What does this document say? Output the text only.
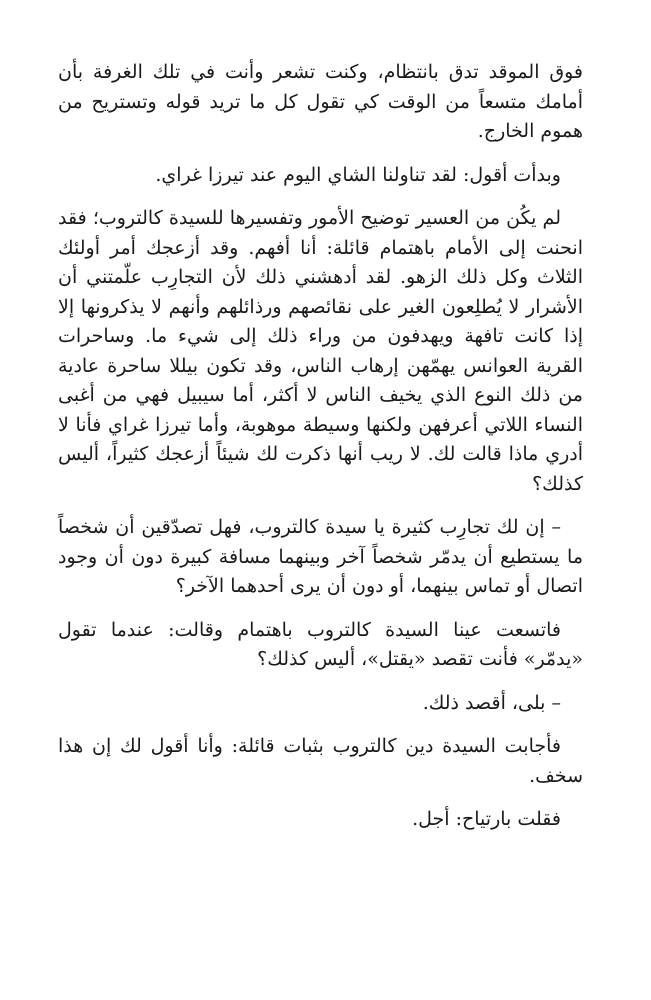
فوق الموقد تدق بانتظام، وكنت تشعر وأنت في تلك الغرفة بأن أمامك متسعاً من الوقت كي تقول كل ما تريد قوله وتستريح من هموم الخارج.

وبدأت أقول: لقد تناولنا الشاي اليوم عند تيرزا غراي.

لم يكُن من العسير توضيح الأمور وتفسيرها للسيدة كالتروب؛ فقد انحنت إلى الأمام باهتمام قائلة: أنا أفهم. وقد أزعجك أمر أولئك الثلاث وكل ذلك الزهو. لقد أدهشني ذلك لأن التجارِب علّمتني أن الأشرار لا يُطلِعون الغير على نقائصهم ورذائلهم وأنهم لا يذكرونها إلا إذا كانت تافهة ويهدفون من وراء ذلك إلى شيء ما. وساحرات القرية العوانس يهمّهن إرهاب الناس، وقد تكون بيللا ساحرة عادية من ذلك النوع الذي يخيف الناس لا أكثر، أما سيبيل فهي من أغبى النساء اللاتي أعرفهن ولكنها وسيطة موهوبة، وأما تيرزا غراي فأنا لا أدري ماذا قالت لك. لا ريب أنها ذكرت لك شيئاً أزعجك كثيراً، أليس كذلك؟

– إن لك تجارِب كثيرة يا سيدة كالتروب، فهل تصدّقين أن شخصاً ما يستطيع أن يدمّر شخصاً آخر وبينهما مسافة كبيرة دون أن وجود اتصال أو تماس بينهما، أو دون أن يرى أحدهما الآخر؟

فاتسعت عينا السيدة كالتروب باهتمام وقالت: عندما تقول «يدمّر» فأنت تقصد «يقتل»، أليس كذلك؟

– بلى، أقصد ذلك.

فأجابت السيدة دين كالتروب بثبات قائلة: وأنا أقول لك إن هذا سخف.

فقلت بارتياح: أجل.
